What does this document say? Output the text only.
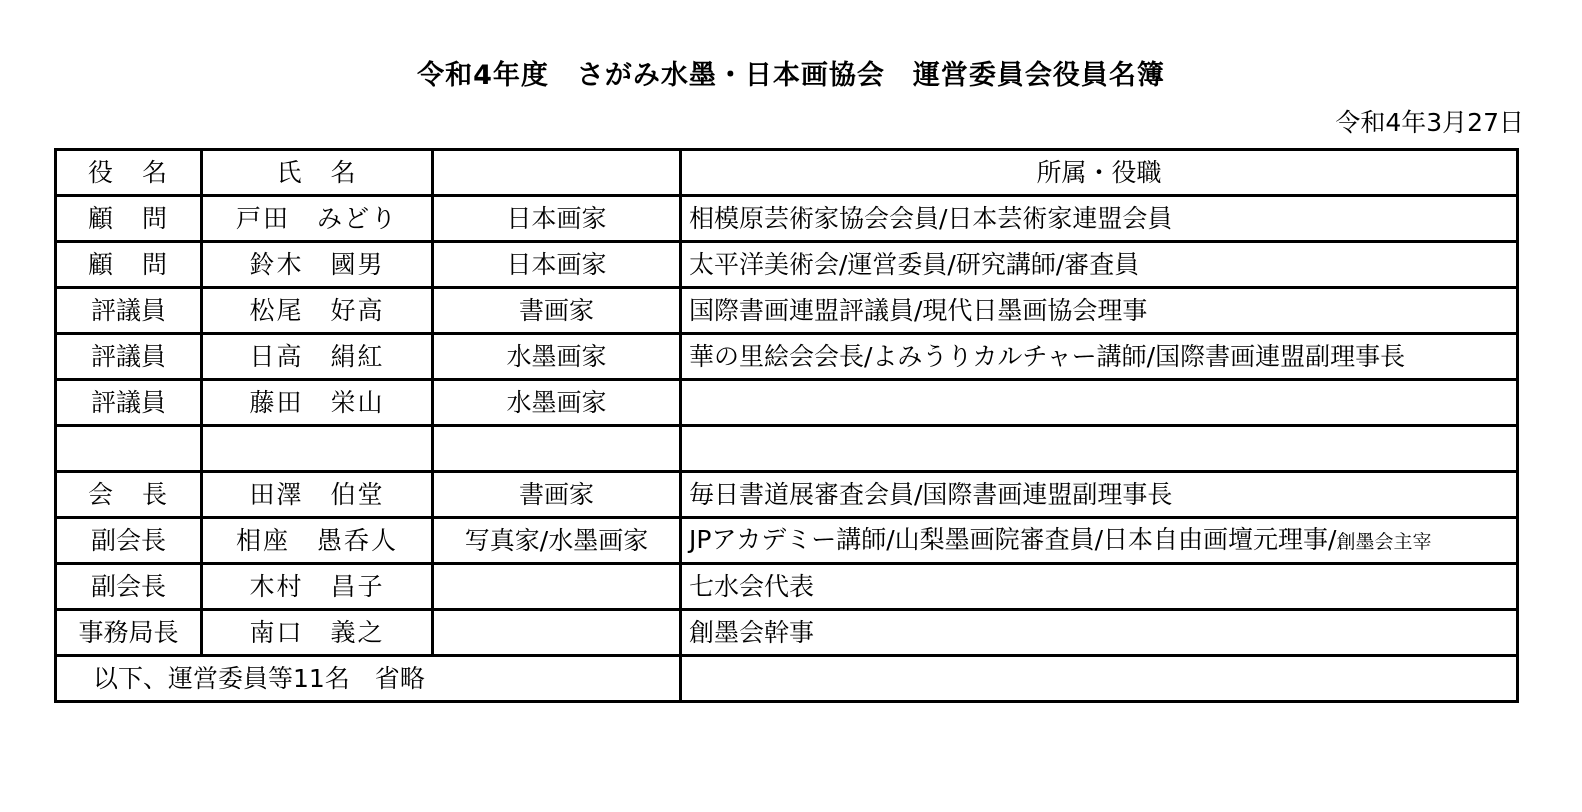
令和4年度　さがみ水墨・日本画協会　運営委員会役員名簿
令和4年3月27日
役　名	氏　名		所属・役職
顧　問	戸田　みどり	日本画家	相模原芸術家協会会員/日本芸術家連盟会員
顧　問	鈴木　國男	日本画家	太平洋美術会/運営委員/研究講師/審査員
評議員	松尾　好高	書画家	国際書画連盟評議員/現代日墨画協会理事
評議員	日高　絹紅	水墨画家	華の里絵会会長/よみうりカルチャー講師/国際書画連盟副理事長
評議員	藤田　栄山	水墨画家	

会　長	田澤　伯堂	書画家	毎日書道展審査会員/国際書画連盟副理事長
副会長	相座　愚呑人	写真家/水墨画家	JPアカデミー講師/山梨墨画院審査員/日本自由画壇元理事/創墨会主宰
副会長	木村　昌子		七水会代表
事務局長	南口　義之		創墨会幹事
以下、運営委員等11名　省略			
